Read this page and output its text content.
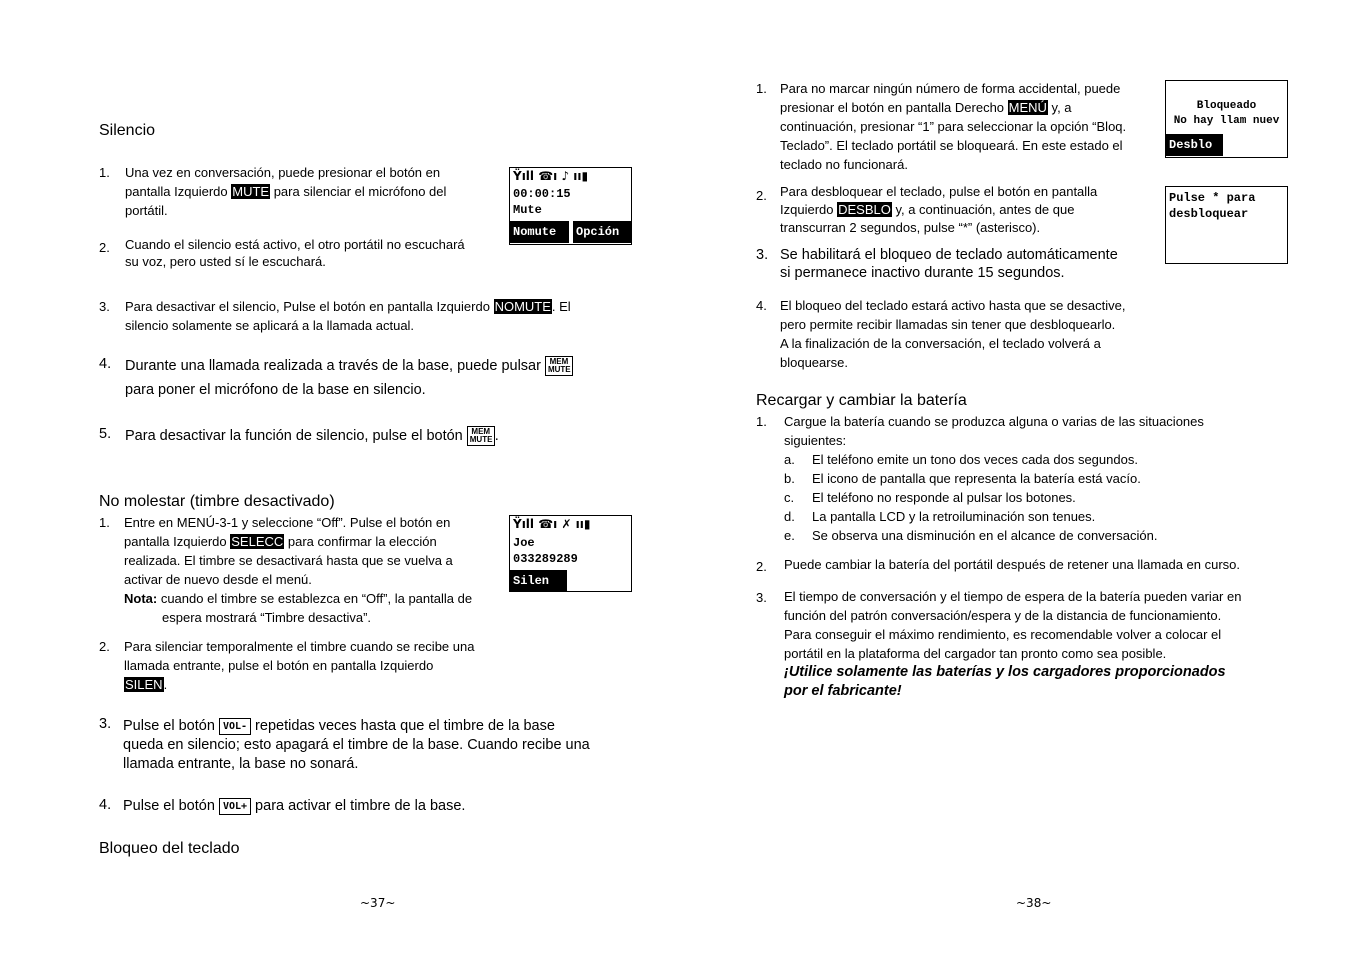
Silencio
1. Una vez en conversación, puede presionar el botón en
pantalla Izquierdo MUTE para silenciar el micrófono del
portátil.
Ÿıll ☎ı ♪ ıı▮
00:00:15
Mute
Nomute	Opción
2. Cuando el silencio está activo, el otro portátil no escuchará
su voz, pero usted sí le escuchará.
3. Para desactivar el silencio, Pulse el botón en pantalla Izquierdo NOMUTE. El
silencio solamente se aplicará a la llamada actual.
4. Durante una llamada realizada a través de la base, puede pulsar MEM
MUTE
para poner el micrófono de la base en silencio.
5. Para desactivar la función de silencio, pulse el botón MEM
MUTE .
No molestar (timbre desactivado)
1. Entre en MENÚ-3-1 y seleccione “Off”. Pulse el botón en
pantalla Izquierdo SELECC para confirmar la elección
realizada. El timbre se desactivará hasta que se vuelva a
activar de nuevo desde el menú.
Nota: cuando el timbre se establezca en “Off”, la pantalla de
espera mostrará “Timbre desactiva”.
Ÿıll ☎ı ✗ ıı▮
Joe
033289289
Silen
2. Para silenciar temporalmente el timbre cuando se recibe una
llamada entrante, pulse el botón en pantalla Izquierdo
SILEN.
3. Pulse el botón VOL- repetidas veces hasta que el timbre de la base
queda en silencio; esto apagará el timbre de la base. Cuando recibe una
llamada entrante, la base no sonará.
4. Pulse el botón VOL+ para activar el timbre de la base.
Bloqueo del teclado
~37~
1. Para no marcar ningún número de forma accidental, puede
presionar el botón en pantalla Derecho MENÚ y, a
continuación, presionar “1” para seleccionar la opción “Bloq.
Teclado”. El teclado portátil se bloqueará. En este estado el
teclado no funcionará.
Bloqueado
No hay llam nuev
Desblo
2. Para desbloquear el teclado, pulse el botón en pantalla
Izquierdo DESBLO y, a continuación, antes de que
transcurran 2 segundos, pulse “*” (asterisco).
Pulse * para
desbloquear
3. Se habilitará el bloqueo de teclado automáticamente
si permanece inactivo durante 15 segundos.
4. El bloqueo del teclado estará activo hasta que se desactive,
pero permite recibir llamadas sin tener que desbloquearlo.
A la finalización de la conversación, el teclado volverá a
bloquearse.
Recargar y cambiar la batería
1. Cargue la batería cuando se produzca alguna o varias de las situaciones
siguientes:
a. El teléfono emite un tono dos veces cada dos segundos.
b. El icono de pantalla que representa la batería está vacío.
c. El teléfono no responde al pulsar los botones.
d. La pantalla LCD y la retroiluminación son tenues.
e. Se observa una disminución en el alcance de conversación.
2. Puede cambiar la batería del portátil después de retener una llamada en curso.
3. El tiempo de conversación y el tiempo de espera de la batería pueden variar en
función del patrón conversación/espera y de la distancia de funcionamiento.
Para conseguir el máximo rendimiento, es recomendable volver a colocar el
portátil en la plataforma del cargador tan pronto como sea posible.
¡Utilice solamente las baterías y los cargadores proporcionados
por el fabricante!
~38~
